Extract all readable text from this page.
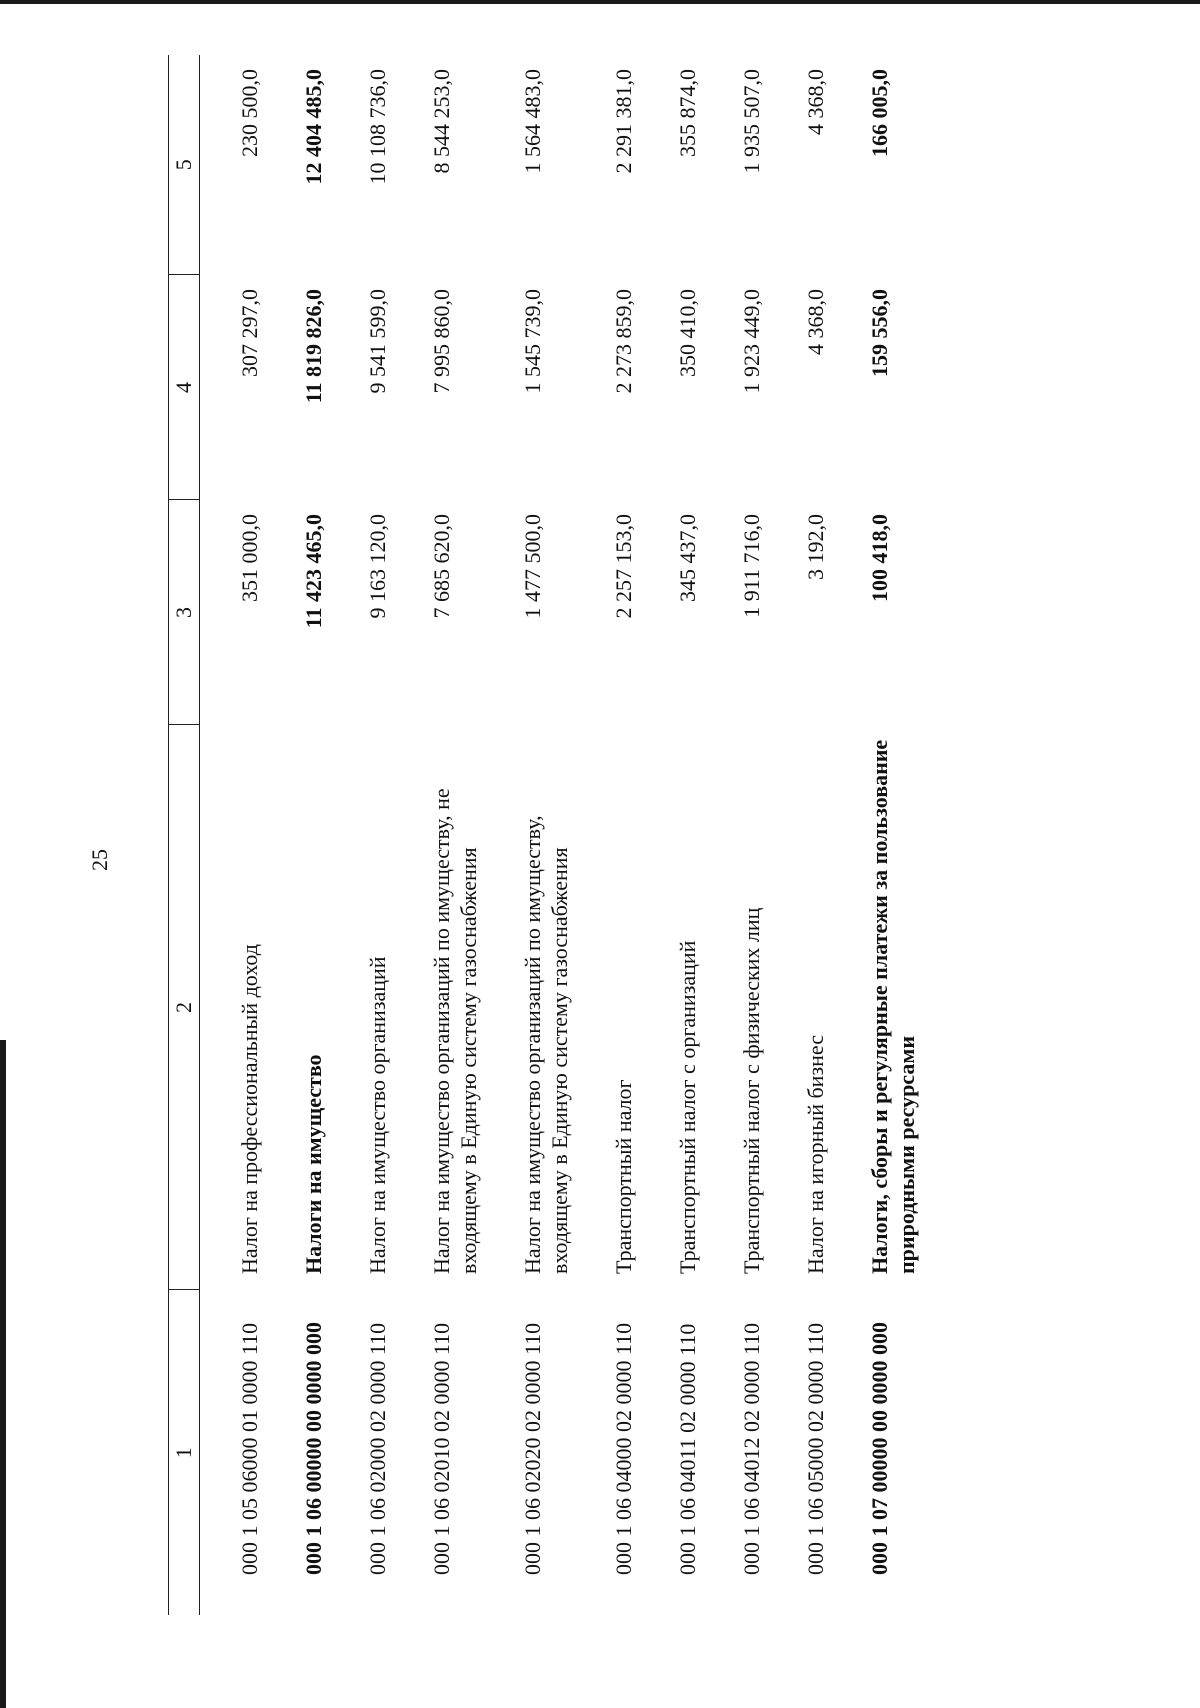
25
1	2	3	4	5

000 1 05 06000 01 0000 110	Налог на профессиональный доход	351 000,0	307 297,0	230 500,0

000 1 06 00000 00 0000 000	Налоги на имущество	11 423 465,0	11 819 826,0	12 404 485,0

000 1 06 02000 02 0000 110	Налог на имущество организаций	9 163 120,0	9 541 599,0	10 108 736,0

000 1 06 02010 02 0000 110	Налог на имущество организаций по имуществу, не входящему в Единую систему газоснабжения	7 685 620,0	7 995 860,0	8 544 253,0

000 1 06 02020 02 0000 110	Налог на имущество организаций по имуществу, входящему в Единую систему газоснабжения	1 477 500,0	1 545 739,0	1 564 483,0

000 1 06 04000 02 0000 110	Транспортный налог	2 257 153,0	2 273 859,0	2 291 381,0

000 1 06 04011 02 0000 110	Транспортный налог с организаций	345 437,0	350 410,0	355 874,0

000 1 06 04012 02 0000 110	Транспортный налог с физических лиц	1 911 716,0	1 923 449,0	1 935 507,0

000 1 06 05000 02 0000 110	Налог на игорный бизнес	3 192,0	4 368,0	4 368,0

000 1 07 00000 00 0000 000	Налоги, сборы и регулярные платежи за пользование природными ресурсами	100 418,0	159 556,0	166 005,0
